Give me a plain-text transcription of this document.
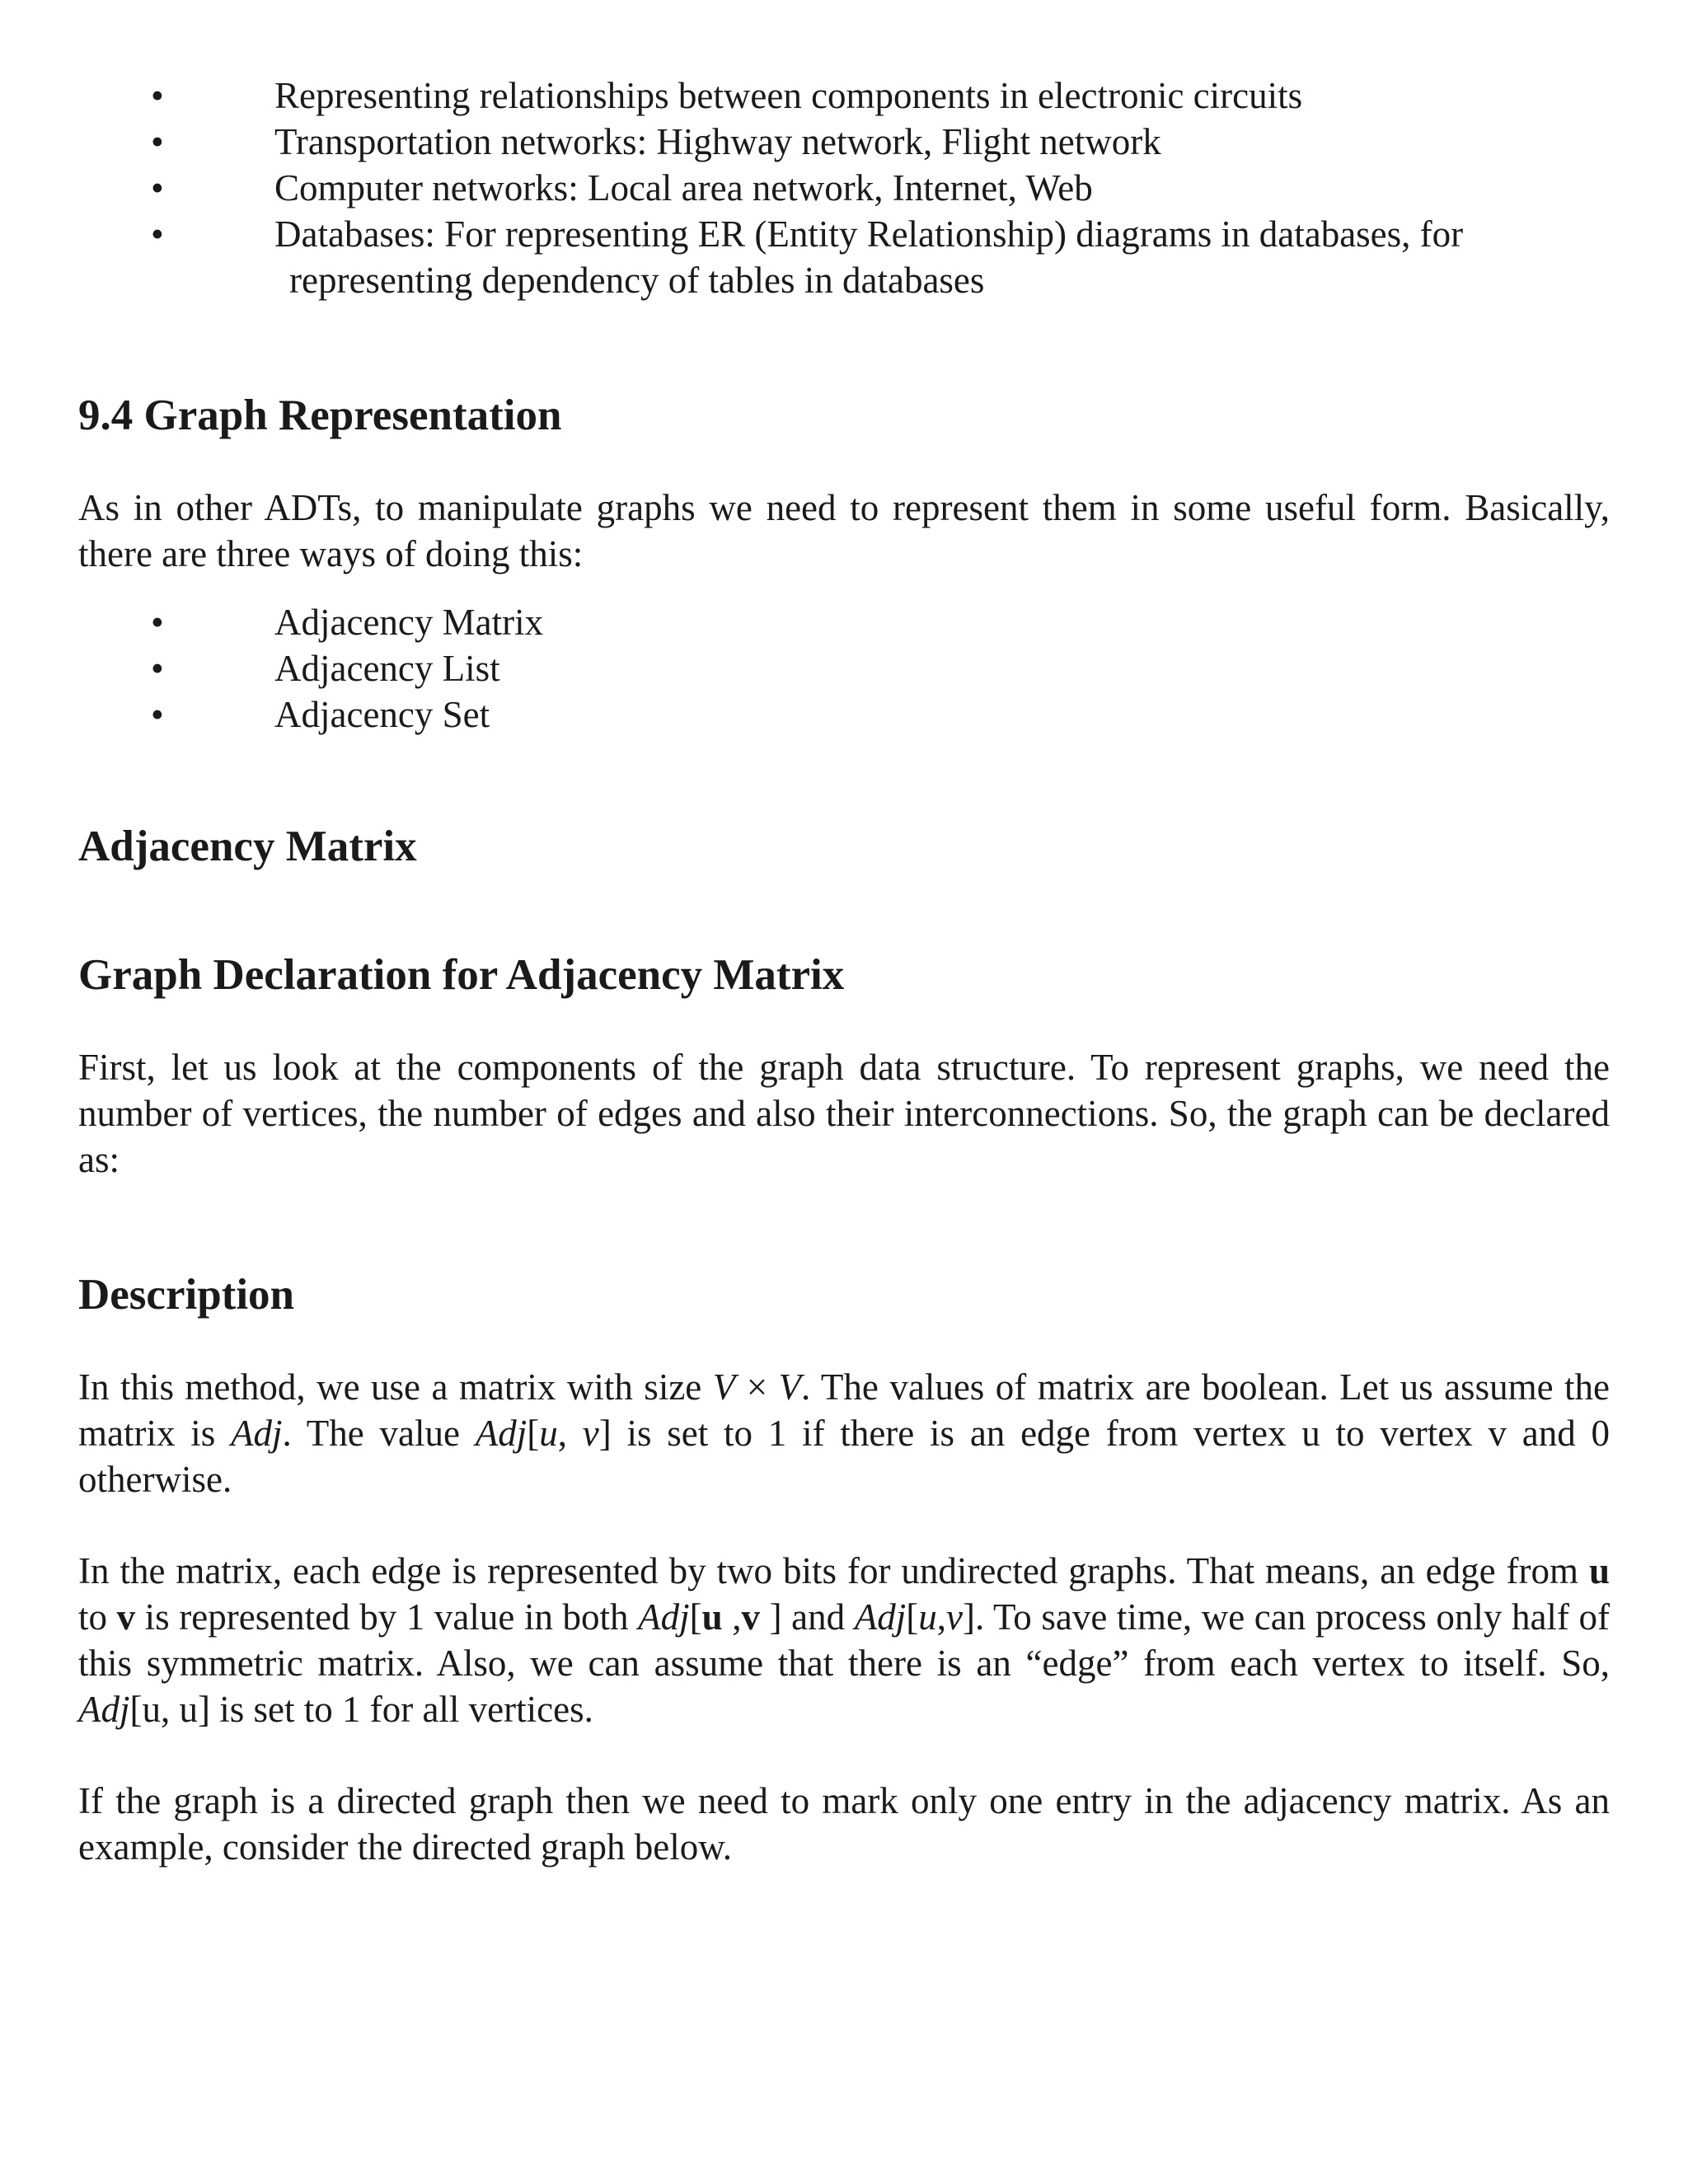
Representing relationships between components in electronic circuits
Transportation networks: Highway network, Flight network
Computer networks: Local area network, Internet, Web
Databases: For representing ER (Entity Relationship) diagrams in databases, for
representing dependency of tables in databases
9.4 Graph Representation

As in other ADTs, to manipulate graphs we need to represent them in some useful form. Basically, there are three ways of doing this:

Adjacency Matrix
Adjacency List
Adjacency Set
Adjacency Matrix
Graph Declaration for Adjacency Matrix

First, let us look at the components of the graph data structure. To represent graphs, we need the number of vertices, the number of edges and also their interconnections. So, the graph can be declared as:

Description

In this method, we use a matrix with size V × V. The values of matrix are boolean. Let us assume the matrix is Adj. The value Adj[u, v] is set to 1 if there is an edge from vertex u to vertex v and 0 otherwise.

In the matrix, each edge is represented by two bits for undirected graphs. That means, an edge from u to v is represented by 1 value in both Adj[u ,v ] and Adj[u,v]. To save time, we can process only half of this symmetric matrix. Also, we can assume that there is an “edge” from each vertex to itself. So, Adj[u, u] is set to 1 for all vertices.

If the graph is a directed graph then we need to mark only one entry in the adjacency matrix. As an example, consider the directed graph below.
